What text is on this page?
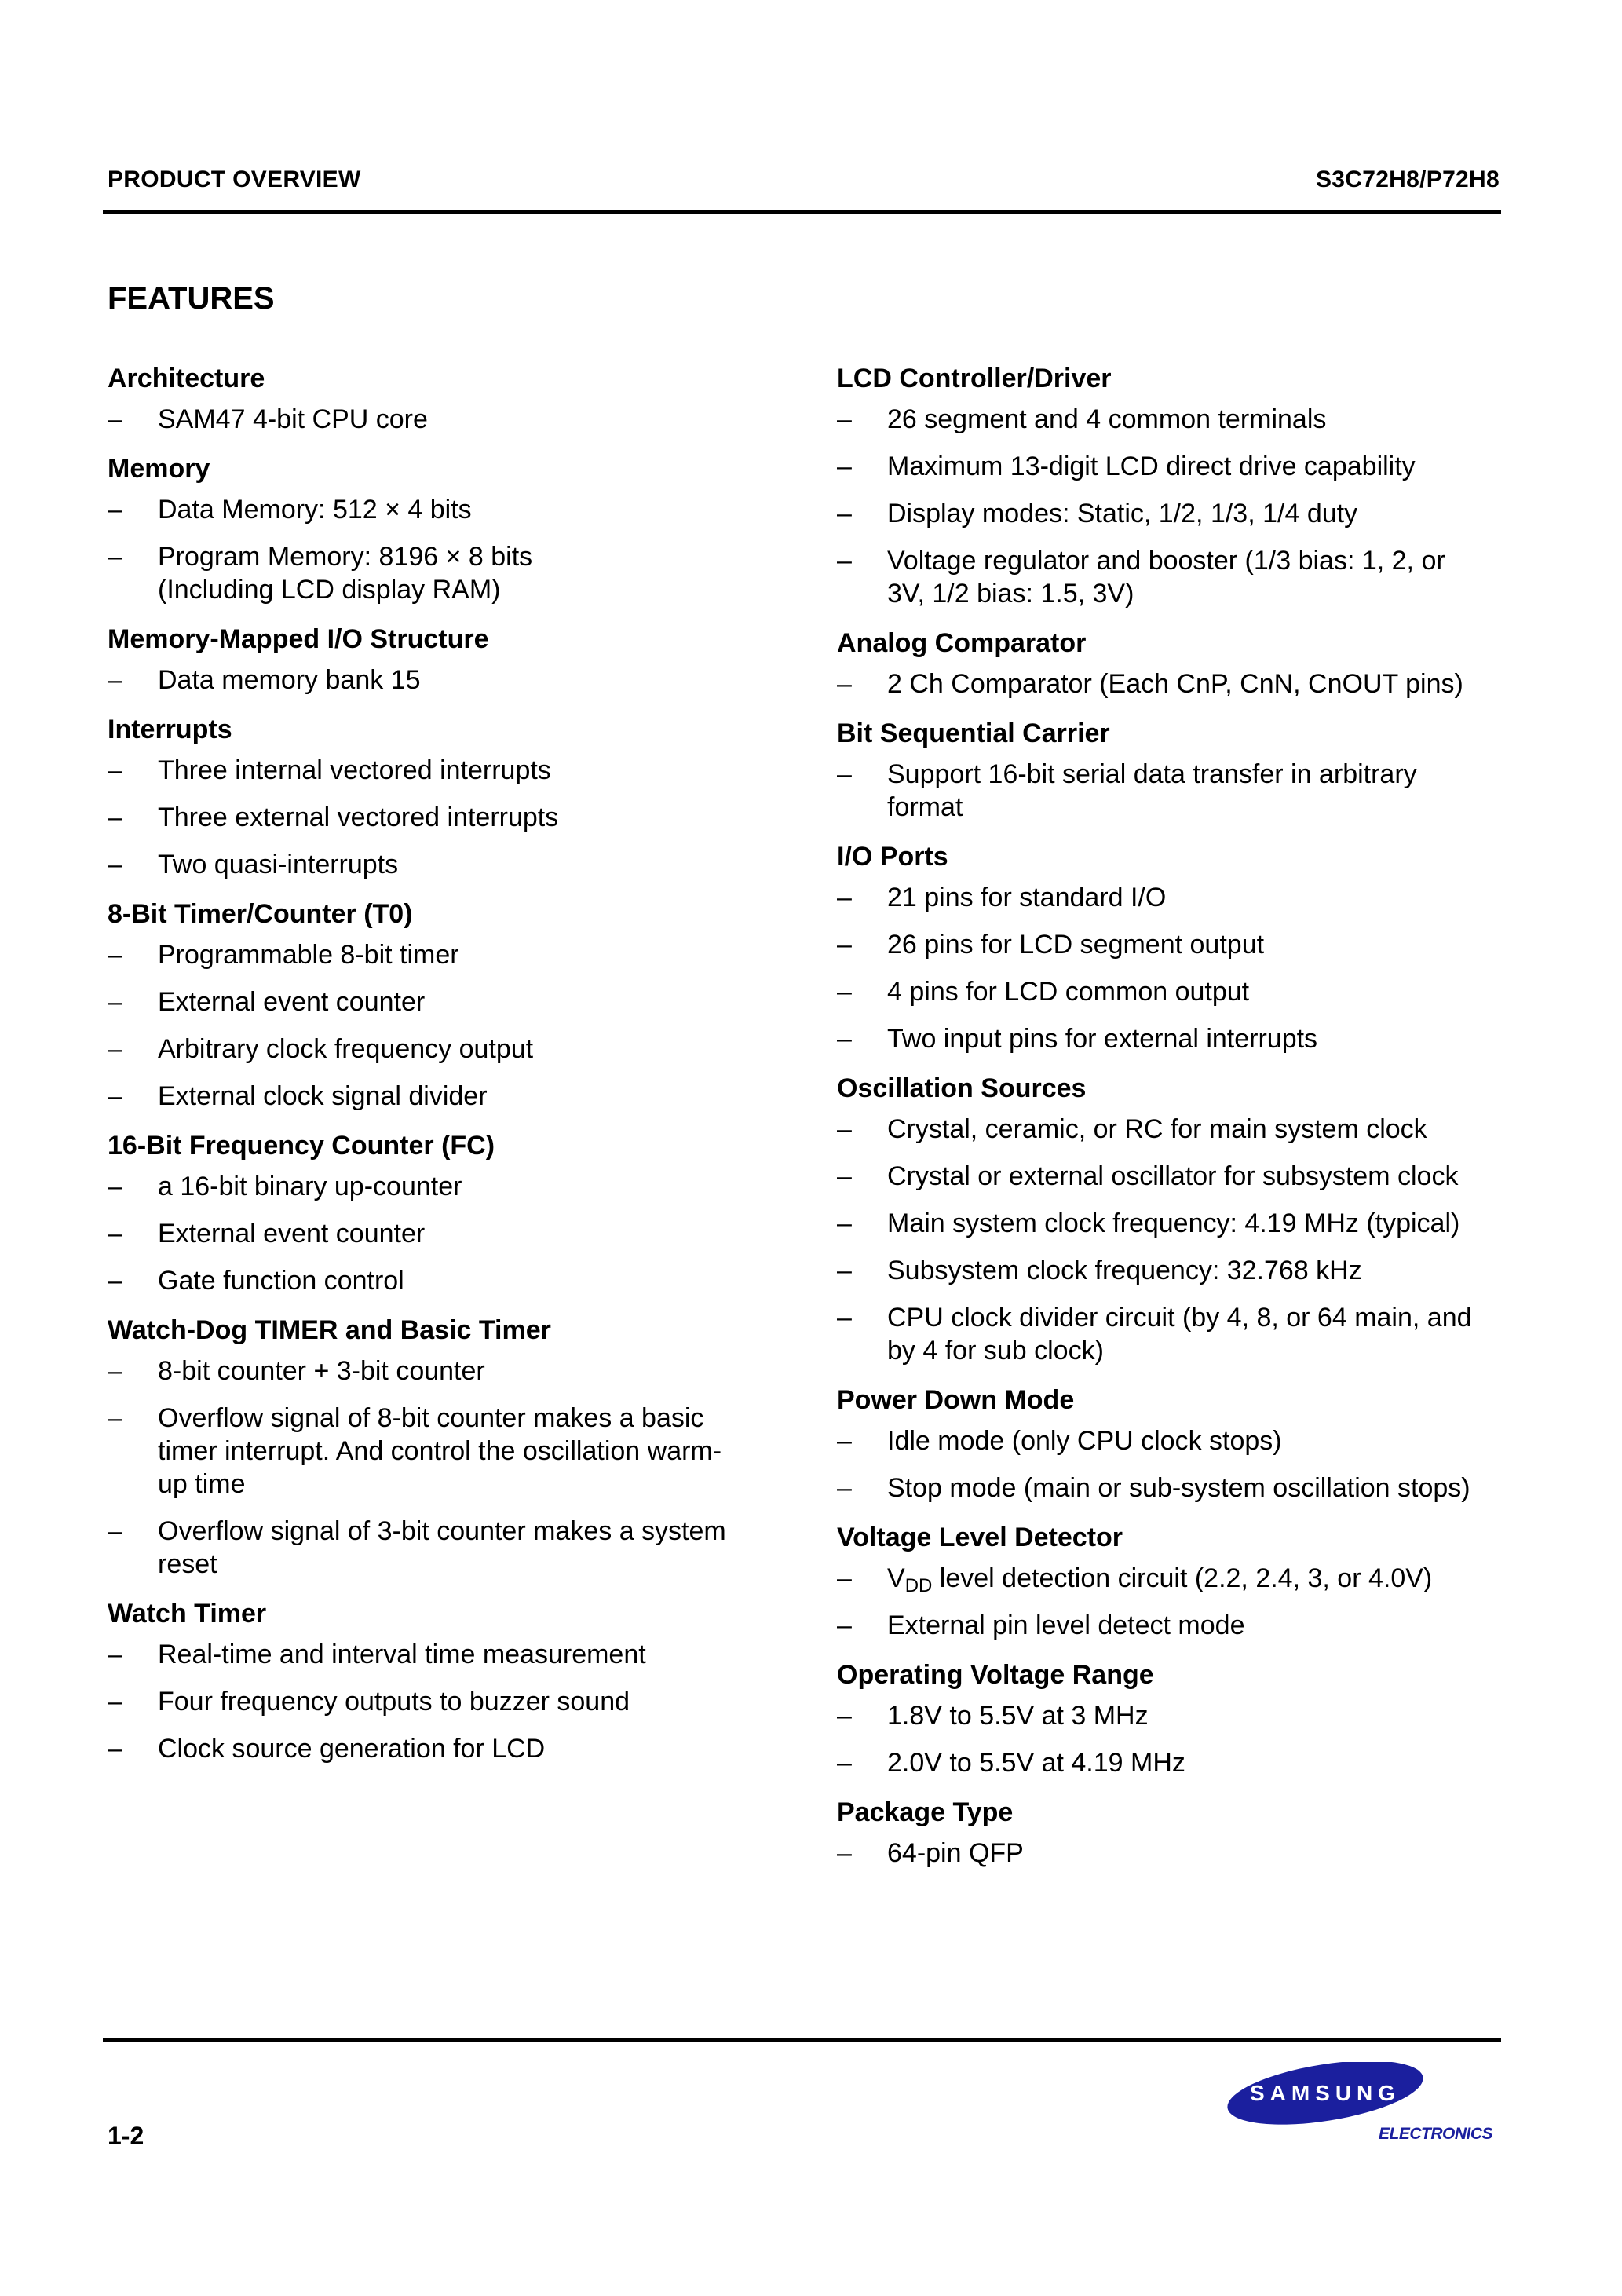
PRODUCT OVERVIEW	S3C72H8/P72H8
FEATURES
Architecture
– SAM47 4-bit CPU core
Memory
– Data Memory: 512 × 4 bits
– Program Memory: 8196 × 8 bits
(Including LCD display RAM)
Memory-Mapped I/O Structure
– Data memory bank 15
Interrupts
– Three internal vectored interrupts
– Three external vectored interrupts
– Two quasi-interrupts
8-Bit Timer/Counter (T0)
– Programmable 8-bit timer
– External event counter
– Arbitrary clock frequency output
– External clock signal divider
16-Bit Frequency Counter (FC)
– a 16-bit binary up-counter
– External event counter
– Gate function control
Watch-Dog TIMER and Basic Timer
– 8-bit counter + 3-bit counter
– Overflow signal of 8-bit counter makes a basic
timer interrupt. And control the oscillation warm-
up time
– Overflow signal of 3-bit counter makes a system
reset
Watch Timer
– Real-time and interval time measurement
– Four frequency outputs to buzzer sound
– Clock source generation for LCD
LCD Controller/Driver
– 26 segment and 4 common terminals
– Maximum 13-digit LCD direct drive capability
– Display modes: Static, 1/2, 1/3, 1/4 duty
– Voltage regulator and booster (1/3 bias: 1, 2, or
3V, 1/2 bias: 1.5, 3V)
Analog Comparator
– 2 Ch Comparator (Each CnP, CnN, CnOUT pins)
Bit Sequential Carrier
– Support 16-bit serial data transfer in arbitrary
format
I/O Ports
– 21 pins for standard I/O
– 26 pins for LCD segment output
– 4 pins for LCD common output
– Two input pins for external interrupts
Oscillation Sources
– Crystal, ceramic, or RC for main system clock
– Crystal or external oscillator for subsystem clock
– Main system clock frequency: 4.19 MHz (typical)
– Subsystem clock frequency: 32.768 kHz
– CPU clock divider circuit (by 4, 8, or 64 main, and
by 4 for sub clock)
Power Down Mode
– Idle mode (only CPU clock stops)
– Stop mode (main or sub-system oscillation stops)
Voltage Level Detector
– $V_{DD}$ level detection circuit (2.2, 2.4, 3, or 4.0V)
– External pin level detect mode
Operating Voltage Range
– 1.8V to 5.5V at 3 MHz
– 2.0V to 5.5V at 4.19 MHz
Package Type
– 64-pin QFP
1-2
SAMSUNG
ELECTRONICS
